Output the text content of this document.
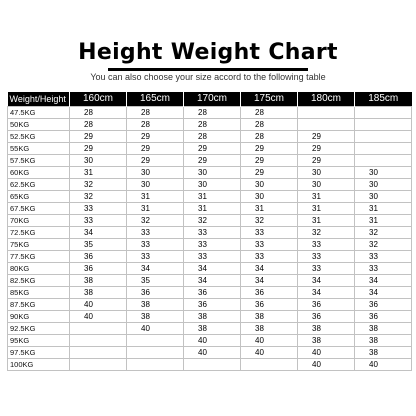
Height Weight Chart
You can also choose your size accord to the following table
Weight/Height	160cm	165cm	170cm	175cm	180cm	185cm
47.5KG	28	28	28	28		
50KG	28	28	28	28		
52.5KG	29	29	28	28	29	
55KG	29	29	29	29	29	
57.5KG	30	29	29	29	29	
60KG	31	30	30	29	30	30
62.5KG	32	30	30	30	30	30
65KG	32	31	31	30	31	30
67.5KG	33	31	31	31	31	31
70KG	33	32	32	32	31	31
72.5KG	34	33	33	33	32	32
75KG	35	33	33	33	33	32
77.5KG	36	33	33	33	33	33
80KG	36	34	34	34	33	33
82.5KG	38	35	34	34	34	34
85KG	38	36	36	36	34	34
87.5KG	40	38	36	36	36	36
90KG	40	38	38	38	36	36
92.5KG		40	38	38	38	38
95KG			40	40	38	38
97.5KG			40	40	40	38
100KG					40	40
